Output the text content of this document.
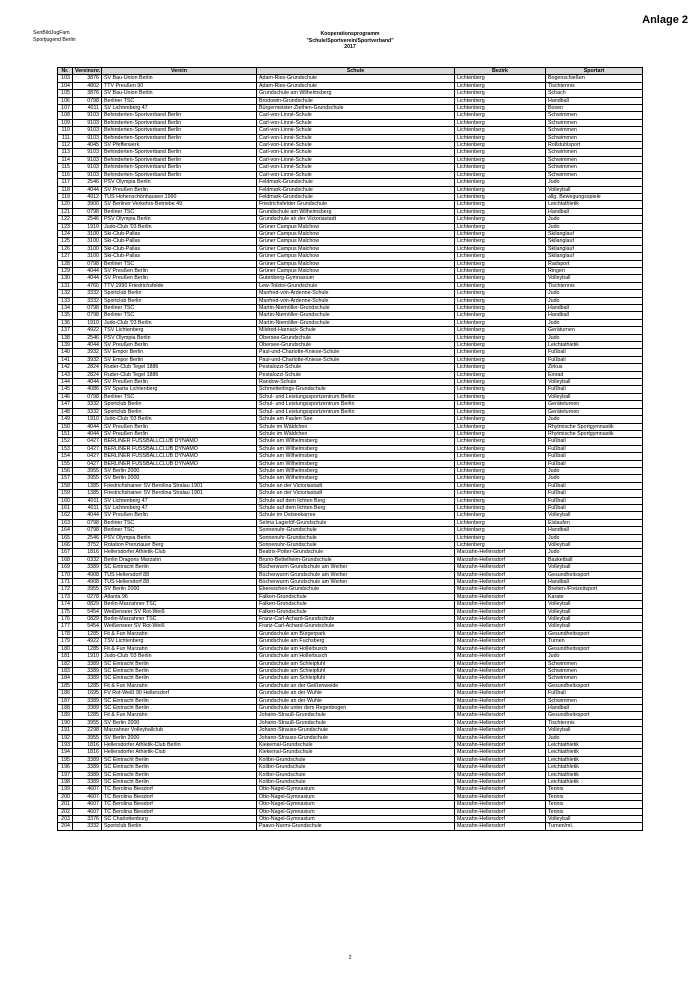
SenBildJugFam
Sportjugend Berlin
Kooperationsprogramm
"Schule/Sportverein/Sportverband"
2017
Anlage 2
Nr.	Vereinsnr.	Verein	Schule	Bezirk	Sportart
103	3876	SV Bau-Union Berlin	Adam-Ries-Grundschule	Lichtenberg	Bogenschießen
104	4802	TTV Preußen 90	Adam-Ries-Grundschule	Lichtenberg	Tischtennis
105	3876	SV Bau-Union Berlin	Grundschule am Wilhelmsberg	Lichtenberg	Schach
106	0798	Berliner TSC	Brodowin-Grundschule	Lichtenberg	Handball
107	4011	SV Lichtenberg 47	Bürgermeister-Ziethen-Grundschule	Lichtenberg	Boxen
108	9103	Behinderten-Sportverband Berlin	Carl-von-Linné-Schule	Lichtenberg	Schwimmen
109	9103	Behinderten-Sportverband Berlin	Carl-von-Linné-Schule	Lichtenberg	Schwimmen
110	9103	Behinderten-Sportverband Berlin	Carl-von-Linné-Schule	Lichtenberg	Schwimmen
111	9103	Behinderten-Sportverband Berlin	Carl-von-Linné-Schule	Lichtenberg	Schwimmen
112	4045	SV Pfefferwerk	Carl-von-Linné-Schule	Lichtenberg	Rollstuhlsport
113	9103	Behinderten-Sportverband Berlin	Carl-von-Linné-Schule	Lichtenberg	Schwimmen
114	9103	Behinderten-Sportverband Berlin	Carl-von-Linné-Schule	Lichtenberg	Schwimmen
115	9103	Behinderten-Sportverband Berlin	Carl-von-Linné-Schule	Lichtenberg	Schwimmen
116	9103	Behinderten-Sportverband Berlin	Carl-von-Linné-Schule	Lichtenberg	Schwimmen
117	2546	PSV Olympia Berlin	Feldmark-Grundschule	Lichtenberg	Judo
118	4044	SV Preußen Berlin	Feldmark-Grundschule	Lichtenberg	Volleyball
119	4912	TUS Hohenschönhausen 1990	Feldmark-Grundschule	Lichtenberg	allg. Bewegungsspiele
120	3900	SV Berliner Verkehrs-Betriebe 49	Friedrichsfelder Grundschule	Lichtenberg	Leichtathletik
121	0798	Berliner TSC	Grundschule am Wilhelmsberg	Lichtenberg	Handball
122	2546	PSV Olympia Berlin	Grundschule an der Victoriastadt	Lichtenberg	Judo
123	1910	Judo-Club '03 Berlin	Grüner Campus Malchow	Lichtenberg	Judo
124	3100	Ski-Club-Pallas	Grüner Campus Malchow	Lichtenberg	Skilanglauf
125	3100	Ski-Club-Pallas	Grüner Campus Malchow	Lichtenberg	Skilanglauf
126	3100	Ski-Club-Pallas	Grüner Campus Malchow	Lichtenberg	Skilanglauf
127	3100	Ski-Club-Pallas	Grüner Campus Malchow	Lichtenberg	Skilanglauf
128	0798	Berliner TSC	Grüner Campus Malchow	Lichtenberg	Radsport
129	4044	SV Preußen Berlin	Grüner Campus Malchow	Lichtenberg	Ringen
130	4044	SV Preußen Berlin	Gutenberg-Gymnasium	Lichtenberg	Volleyball
131	4760	TTV 1990 Friedrichsfelde	Lew-Tolstoi-Grundschule	Lichtenberg	Tischtennis
132	3332	Sportclub Berlin	Manfred-von-Ardenne-Schule	Lichtenberg	Judo
133	3332	Sportclub Berlin	Manfred-von-Ardenne-Schule	Lichtenberg	Judo
134	0798	Berliner TSC	Martin-Niemöller-Grundschule	Lichtenberg	Handball
135	0798	Berliner TSC	Martin-Niemöller-Grundschule	Lichtenberg	Handball
136	1910	Judo-Club '03 Berlin	Martin-Niemöller-Grundschule	Lichtenberg	Judo
137	4922	TSV Lichtenberg	Mildred-Harnack-Schule	Lichtenberg	Geräturnen
138	2546	PSV Olympia Berlin	Obersee-Grundschule	Lichtenberg	Judo
139	4044	SV Preußen Berlin	Obersee-Grundschule	Lichtenberg	Leichtathletik
140	3932	SV Empor Berlin	Paul-und-Charlotte-Kniese-Schule	Lichtenberg	Fußball
141	3932	SV Empor Berlin	Paul-und-Charlotte-Kniese-Schule	Lichtenberg	Fußball
142	2824	Ruder-Club Tegel 1886	Pestalozzi-Schule	Lichtenberg	Zirkus
143	2824	Ruder-Club Tegel 1886	Pestalozzi-Schule	Lichtenberg	Einrad
144	4044	SV Preußen Berlin	Randow-Schule	Lichtenberg	Volleyball
145	4086	SV Sparta Lichtenberg	Schmetterlings-Grundschule	Lichtenberg	Fußball
146	0798	Berliner TSC	Schul- und Leistungssportzentrum Berlin	Lichtenberg	Volleyball
147	3332	Sportclub Berlin	Schul- und Leistungssportzentrum Berlin	Lichtenberg	Geräteturnen
148	3332	Sportclub Berlin	Schul- und Leistungssportzentrum Berlin	Lichtenberg	Geräteturnen
149	1910	Judo-Club '03 Berlin	Schule am Faulen See	Lichtenberg	Judo
150	4044	SV Preußen Berlin	Schule im Wäldchen	Lichtenberg	Rhytmische Sportgymnastik
151	4044	SV Preußen Berlin	Schule im Wäldchen	Lichtenberg	Rhytmische Sportgymnastik
152	0427	BERLINER FUSSBALLCLUB DYNAMO	Schule am Wilhelmsberg	Lichtenberg	Fußball
153	0427	BERLINER FUSSBALLCLUB DYNAMO	Schule am Wilhelmsberg	Lichtenberg	Fußball
154	0427	BERLINER FUSSBALLCLUB DYNAMO	Schule am Wilhelmsberg	Lichtenberg	Fußball
155	0427	BERLINER FUSSBALLCLUB DYNAMO	Schule am Wilhelmsberg	Lichtenberg	Fußball
156	3955	SV Berlin 2000	Schule am Wilhelmsberg	Lichtenberg	Judo
157	3955	SV Berlin 2000	Schule am Wilhelmsberg	Lichtenberg	Judo
158	1385	Friedrichshainer SV Berolina Stralau 1901	Schule an der Victoriastadt	Lichtenberg	Fußball
159	1385	Friedrichshainer SV Berolina Stralau 1901	Schule an der Victoriastadt	Lichtenberg	Fußball
160	4011	SV Lichtenberg 47	Schule auf dem lichten Berg	Lichtenberg	Fußball
161	4011	SV Lichtenberg 47	Schule auf dem lichten Berg	Lichtenberg	Fußball
162	4044	SV Preußen Berlin	Schule im Ostseekarree	Lichtenberg	Volleyball
163	0798	Berliner TSC	Selma Lagerlöf-Grundschule	Lichtenberg	Eislaufen
164	0798	Berliner TSC	Sonnenuhr-Grundschule	Lichtenberg	Handball
165	2546	PSV Olympia Berlin	Sonnenuhr-Grundschule	Lichtenberg	Judo
166	3752	Rotation Prenzlauer Berg	Sonnenuhr-Grundschule	Lichtenberg	Volleyball
167	1816	Hellersdorfer Athletik-Club	Beatrix-Potter-Grundschule	Marzahn-Hellersdorf	Judo
168	0332	Berlin Dragons Marzahn	Bruno-Bettelheim-Grundschule	Marzahn-Hellersdorf	Basketball
169	3389	SC Eintracht Berlin	Bücherwurm Grundschule am Weiher	Marzahn-Hellersdorf	Volleyball
170	4908	TUS Hellersdorf 88	Bücherwurm Grundschule am Weiher	Marzahn-Hellersdorf	Gesundheitssport
171	4908	TUS Hellersdorf 88	Bücherwurm Grundschule am Weiher	Marzahn-Hellersdorf	Handball
172	3955	SV Berlin 2000	Ebereschen-Grundschule	Marzahn-Hellersdorf	Breiten-/Freizeitsport
173	0278	Atlanta 96	Falken-Grundschule	Marzahn-Hellersdorf	Karate
174	0829	Berlin-Marzahner TSC	Falken-Grundschule	Marzahn-Hellersdorf	Volleyball
175	5454	Weißenseer SV Rot-Weiß	Falken-Grundschule	Marzahn-Hellersdorf	Volleyball
176	0829	Berlin-Marzahner TSC	Franz-Carl-Achard-Grundschule	Marzahn-Hellersdorf	Volleyball
177	5454	Weißenseer SV Rot-Weiß	Franz-Carl-Achard-Grundschule	Marzahn-Hellersdorf	Volleyball
178	1285	Fit & Fun Marzahn	Grundschule am Bürgerpark	Marzahn-Hellersdorf	Gesundheitssport
179	4922	TSV Lichtenberg	Grundschule am Fuchsberg	Marzahn-Hellersdorf	Turnen
180	1285	Fit & Fun Marzahn	Grundschule am Hollerbusch	Marzahn-Hellersdorf	Gesundheitssport
181	1910	Judo-Club '03 Berlin	Grundschule am Hollerbusch	Marzahn-Hellersdorf	Judo
182	3389	SC Eintracht Berlin	Grundschule am Schleipfuhl	Marzahn-Hellersdorf	Schwimmen
183	3389	SC Eintracht Berlin	Grundschule am Schleipfuhl	Marzahn-Hellersdorf	Schwimmen
184	3389	SC Eintracht Berlin	Grundschule am Schleipfuhl	Marzahn-Hellersdorf	Schwimmen
185	1285	Fit & Fun Marzahn	Grundschule an der Geißenweide	Marzahn-Hellersdorf	Gesundheitssport
186	1695	FV Rot-Weiß 90 Hellersdorf	Grundschule an der Wuhle	Marzahn-Hellersdorf	Fußball
187	3389	SC Eintracht Berlin	Grundschule an der Wuhle	Marzahn-Hellersdorf	Schwimmen
188	3389	SC Eintracht Berlin	Grundschule unter dem Regenbogen	Marzahn-Hellersdorf	Handball
189	1285	Fit & Fun Marzahn	Johann-Strauß-Grundschule	Marzahn-Hellersdorf	Gesundheitssport
190	3955	SV Berlin 2000	Johann-Strauß-Grundschule	Marzahn-Hellersdorf	Tischtennis
191	2298	Marzahner Volleyballclub	Johann-Strauss-Grundschule	Marzahn-Hellersdorf	Volleyball
192	3955	SV Berlin 2000	Johann-Strauss-Grundschule	Marzahn-Hellersdorf	Judo
193	1816	Hellersdorfer Athletik-Club Berlin	Kiekemal-Grundschule	Marzahn-Hellersdorf	Leichtathletik
194	1816	Hellersdorfer Athletik-Club	Kiekemal-Grundschule	Marzahn-Hellersdorf	Leichtathletik
195	3389	SC Eintracht Berlin	Kolibri-Grundschule	Marzahn-Hellersdorf	Leichtathletik
196	3389	SC Eintracht Berlin	Kolibri-Grundschule	Marzahn-Hellersdorf	Leichtathletik
197	3389	SC Eintracht Berlin	Kolibri-Grundschule	Marzahn-Hellersdorf	Leichtathletik
198	3389	SC Eintracht Berlin	Kolibri-Grundschule	Marzahn-Hellersdorf	Leichtathletik
199	4607	TC Berolina Biesdorf	Otto-Nagel-Gymnasium	Marzahn-Hellersdorf	Tennis
200	4607	TC Berolina Biesdorf	Otto-Nagel-Gymnasium	Marzahn-Hellersdorf	Tennis
201	4607	TC Berolina Biesdorf	Otto-Nagel-Gymnasium	Marzahn-Hellersdorf	Tennis
202	4607	TC Berolina Biesdorf	Otto-Nagel-Gymnasium	Marzahn-Hellersdorf	Tennis
203	3376	SC Charlottenburg	Otto-Nagel-Gymnasium	Marzahn-Hellersdorf	Volleyball
204	3332	Sportclub Berlin	Paavo-Nurmi-Grundschule	Marzahn-Hellersdorf	Turnen/ml.
2
